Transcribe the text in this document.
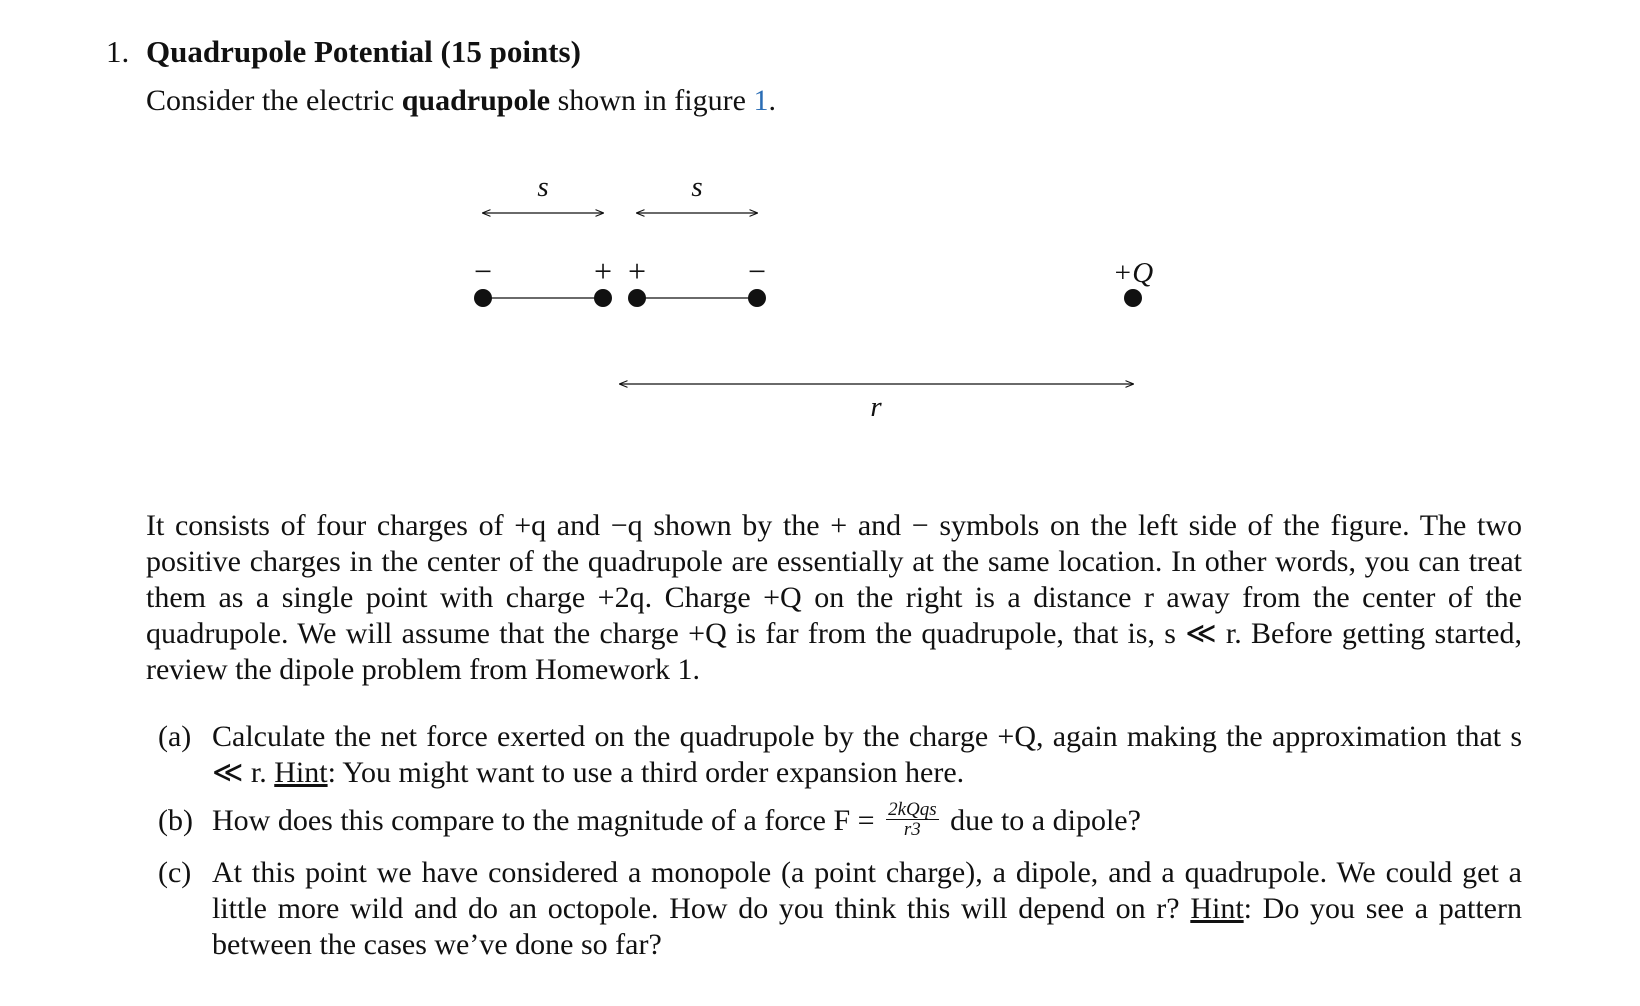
1. Quadrupole Potential (15 points)
Consider the electric quadrupole shown in figure 1.
s	s
−	+ +	−	+Q
r

It consists of four charges of +q and −q shown by the + and − symbols on the left side of the figure. The two positive charges in the center of the quadrupole are essentially at the same location. In other words, you can treat them as a single point with charge +2q. Charge +Q on the right is a distance r away from the center of the quadrupole. We will assume that the charge +Q is far from the quadrupole, that is, s ≪ r. Before getting started, review the dipole problem from Homework 1.

(a) Calculate the net force exerted on the quadrupole by the charge +Q, again making the approximation that s ≪ r. Hint: You might want to use a third order expansion here.
(b) How does this compare to the magnitude of a force $F = \frac{\text{2kQqs}}{r3}$ due to a dipole?
(c) At this point we have considered a monopole (a point charge), a dipole, and a quadrupole. We could get a little more wild and do an octopole. How do you think this will depend on r? Hint: Do you see a pattern between the cases we’ve done so far?
